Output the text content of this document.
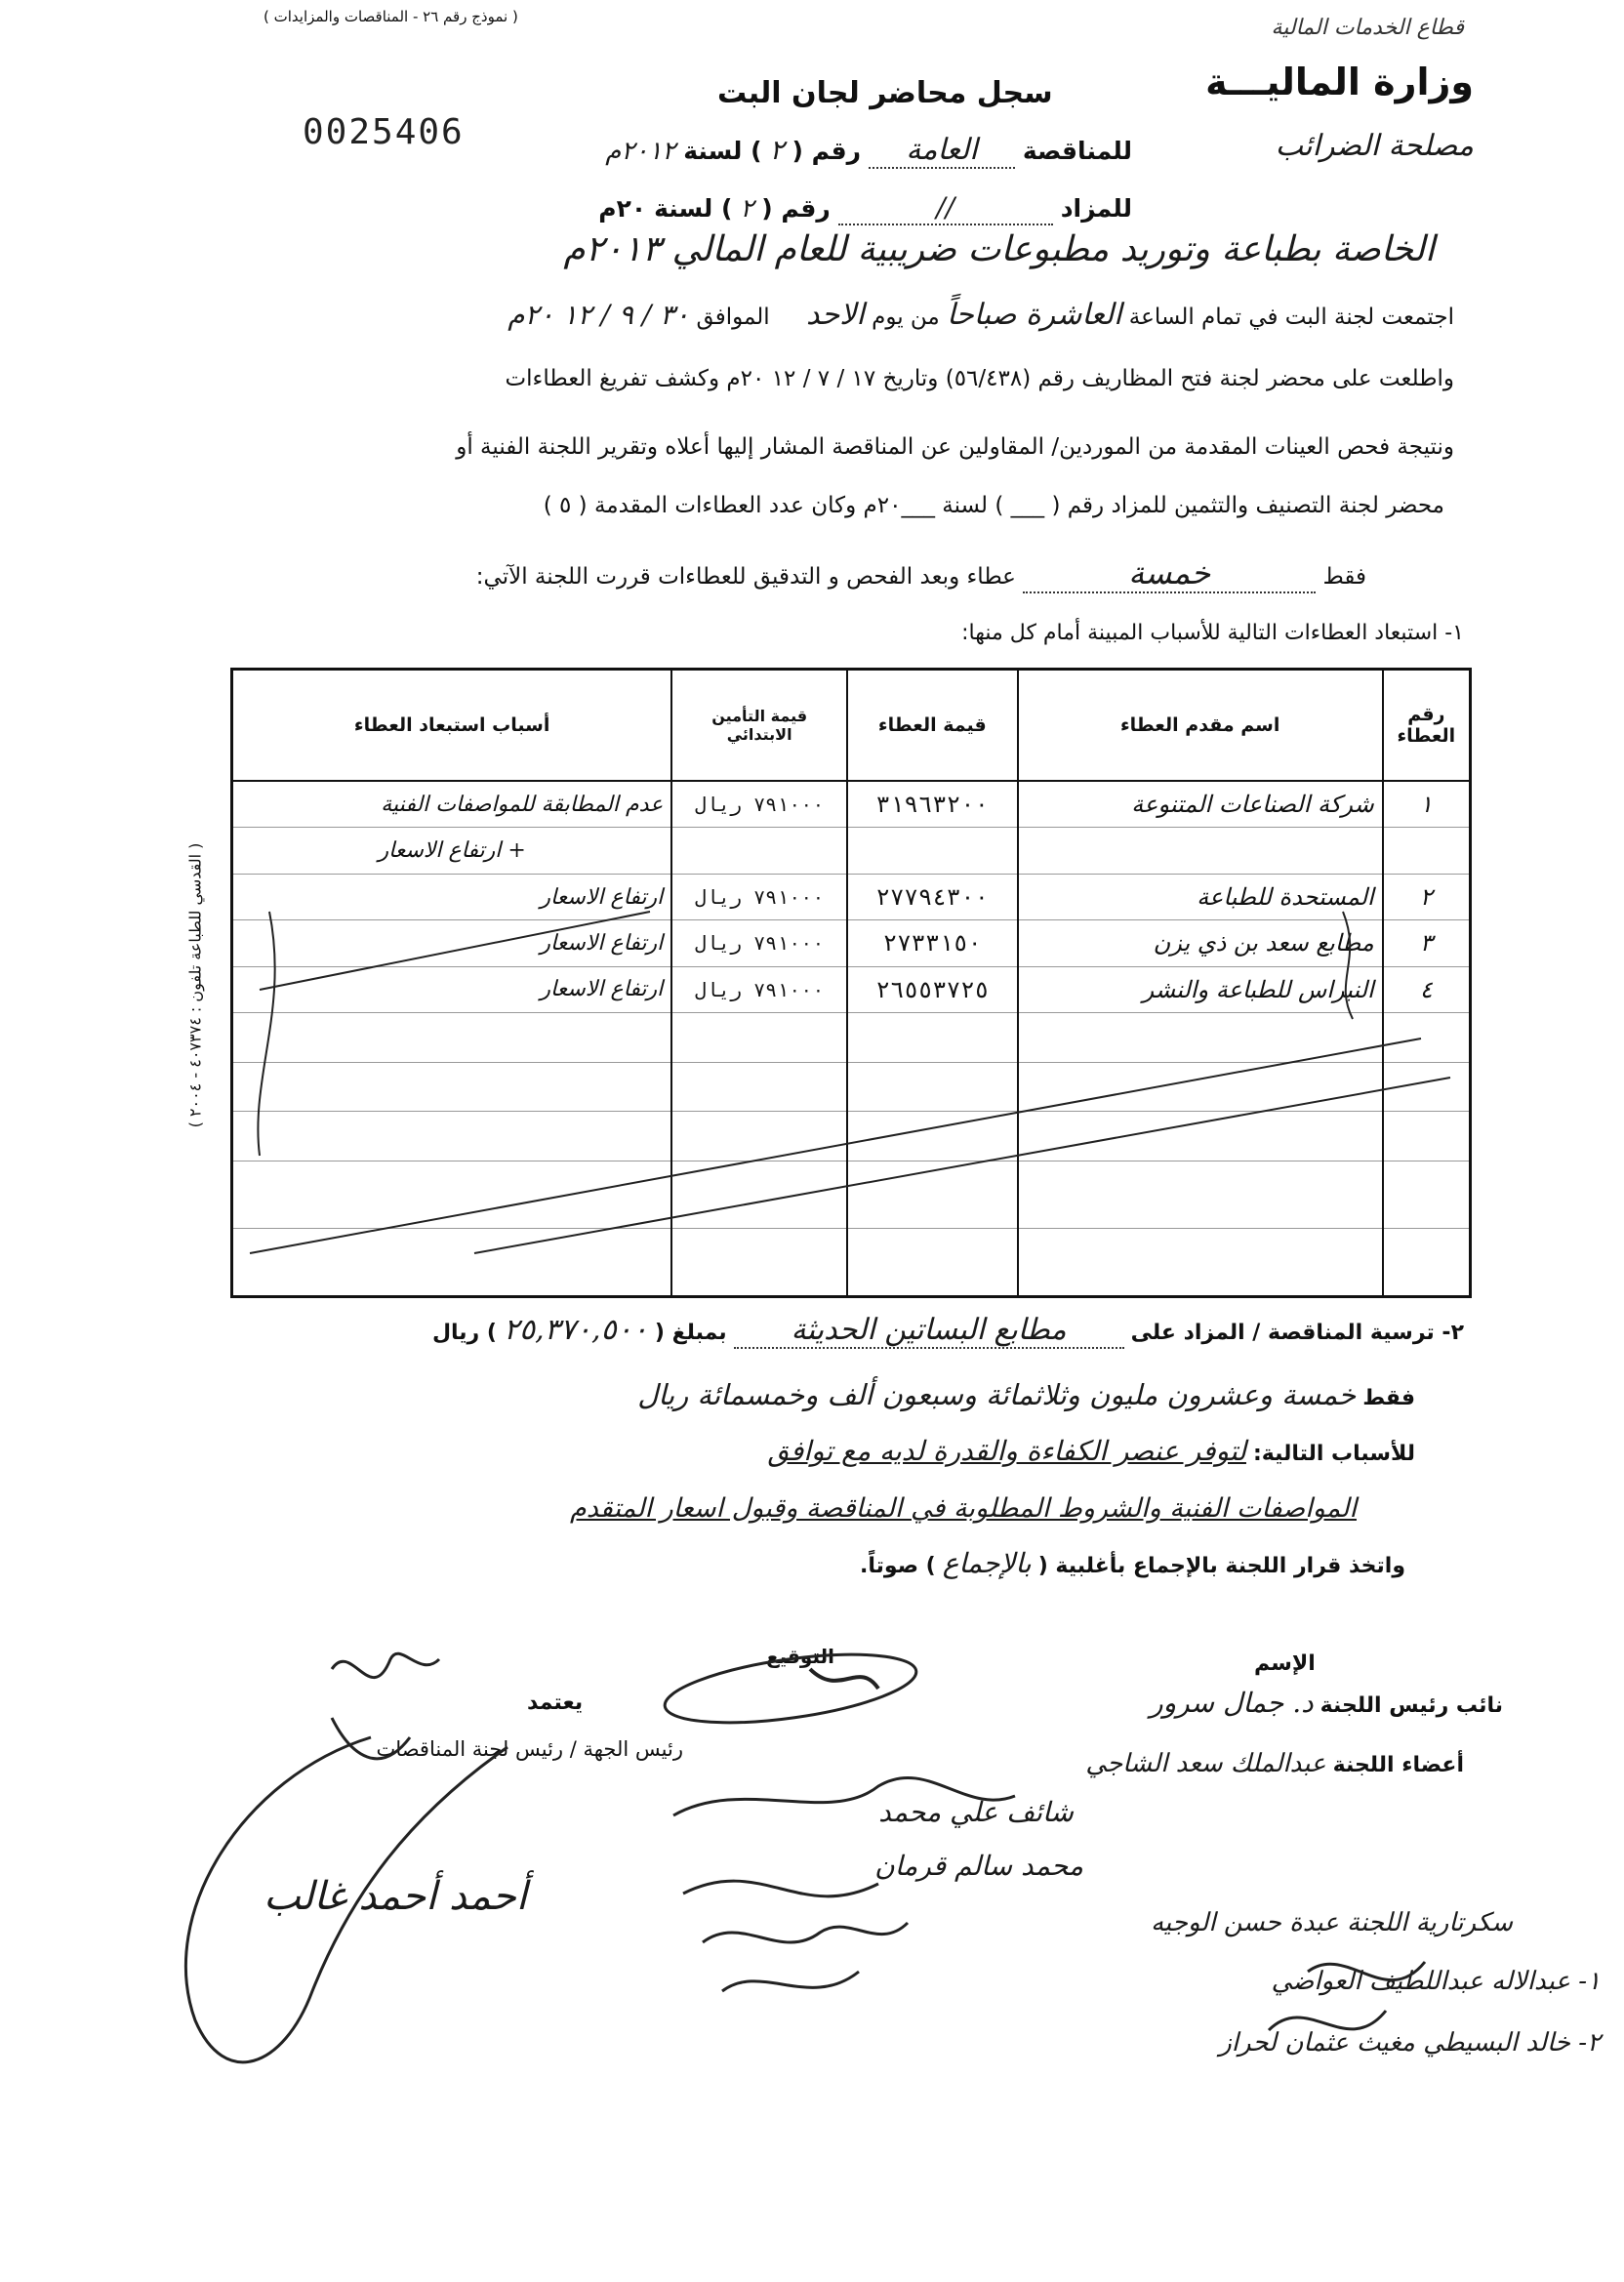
( نموذج رقم ٢٦ - المناقصات والمزايدات )	قطاع الخدمات المالية
وزارة الماليـــة
مصلحة الضرائب
سجل محاضر لجان البت
0025406	للمناقصة العامة رقم ( ٢ ) لسنة ٢٠١٢م
للمزاد // رقم ( ٢ ) لسنة ٢٠م
الخاصة بطباعة وتوريد مطبوعات ضريبية للعام المالي ٢٠١٣م
اجتمعت لجنة البت في تمام الساعة العاشرة صباحاً من يوم الاحد الموافق ٣٠ / ٩ / ١٢ ٢٠م
واطلعت على محضر لجنة فتح المظاريف رقم (٥٦/٤٣٨) وتاريخ ١٧ / ٧ / ١٢ ٢٠م وكشف تفريغ العطاءات
ونتيجة فحص العينات المقدمة من الموردين/ المقاولين عن المناقصة المشار إليها أعلاه وتقرير اللجنة الفنية أو
محضر لجنة التصنيف والتثمين للمزاد رقم ( ___ ) لسنة ___٢٠م وكان عدد العطاءات المقدمة ( ٥ )
فقط خمسة عطاء وبعد الفحص و التدقيق للعطاءات قررت اللجنة الآتي:
١- استبعاد العطاءات التالية للأسباب المبينة أمام كل منها:
رقم العطاء	اسم مقدم العطاء	قيمة العطاء	قيمة التأمين الابتدائي	أسباب استبعاد العطاء
١	شركة الصناعات المتنوعة	٣١٩٦٣٢٠٠	٧٩١٠٠٠ ريال	عدم المطابقة للمواصفات الفنية
				+ ارتفاع الاسعار
٢	المستحدة للطباعة	٢٧٧٩٤٣٠٠	٧٩١٠٠٠ ريال	ارتفاع الاسعار
٣	مطابع سعد بن ذي يزن	٢٧٣٣١٥٠	٧٩١٠٠٠ ريال	ارتفاع الاسعار
٤	النبراس للطباعة والنشر	٢٦٥٥٣٧٢٥	٧٩١٠٠٠ ريال	ارتفاع الاسعار

( القدسي للطباعة تلفون : ٤٠٧٣٧٤ - ٢٠٠٤ )
٢- ترسية المناقصة / المزاد على مطابع البساتين الحديثة بمبلغ ( ٢٥,٣٧٠,٥٠٠ ) ريال
فقط خمسة وعشرون مليون وثلاثمائة وسبعون ألف وخمسمائة ريال
للأسباب التالية: لتوفر عنصر الكفاءة والقدرة لديه مع توافق
المواصفات الفنية والشروط المطلوبة في المناقصة وقبول اسعار المتقدم
واتخذ قرار اللجنة بالإجماع بأغلبية ( بالإجماع ) صوتاً.
الإسم
التوقيع
نائب رئيس اللجنة د. جمال سرور
أعضاء اللجنة عبدالملك سعد الشاجي
شائف علي محمد
محمد سالم قرمان
سكرتارية اللجنة عبدة حسن الوجيه
١- عبدالاله عبداللطيف العواضي
٢- خالد البسيطي مغيث عثمان لحراز
يعتمد
رئيس الجهة / رئيس لجنة المناقصات
أحمد أحمد غالب
